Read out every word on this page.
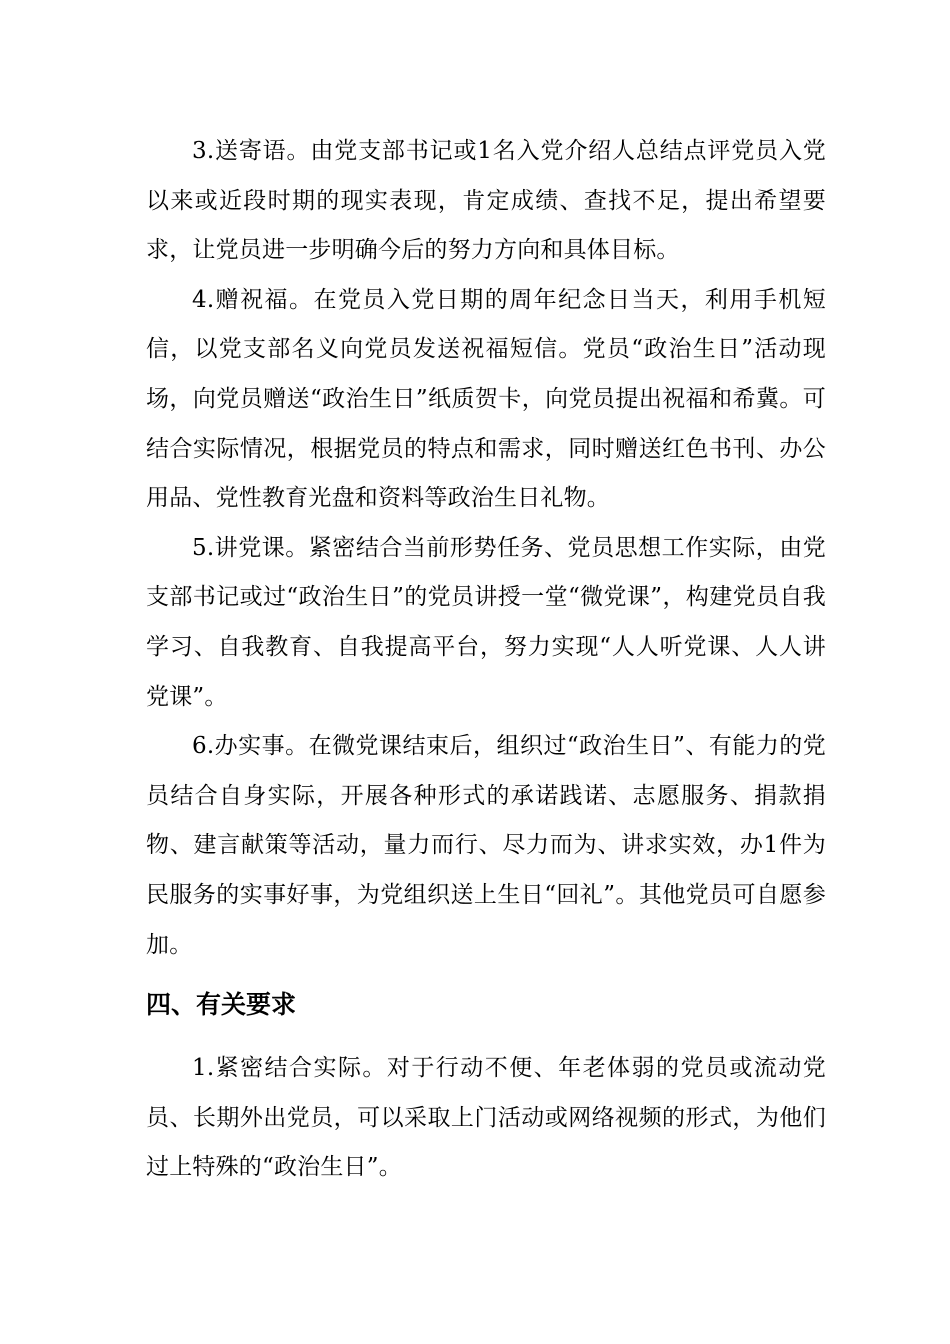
3.送寄语。由党支部书记或1名入党介绍人总结点评党员入党以来或近段时期的现实表现，肯定成绩、查找不足，提出希望要求，让党员进一步明确今后的努力方向和具体目标。

4.赠祝福。在党员入党日期的周年纪念日当天，利用手机短信，以党支部名义向党员发送祝福短信。党员“政治生日”活动现场，向党员赠送“政治生日”纸质贺卡，向党员提出祝福和希冀。可结合实际情况，根据党员的特点和需求，同时赠送红色书刊、办公用品、党性教育光盘和资料等政治生日礼物。

5.讲党课。紧密结合当前形势任务、党员思想工作实际，由党支部书记或过“政治生日”的党员讲授一堂“微党课”，构建党员自我学习、自我教育、自我提高平台，努力实现“人人听党课、人人讲党课”。

6.办实事。在微党课结束后，组织过“政治生日”、有能力的党员结合自身实际，开展各种形式的承诺践诺、志愿服务、捐款捐物、建言献策等活动，量力而行、尽力而为、讲求实效，办1件为民服务的实事好事，为党组织送上生日“回礼”。其他党员可自愿参加。

四、有关要求

1.紧密结合实际。对于行动不便、年老体弱的党员或流动党员、长期外出党员，可以采取上门活动或网络视频的形式，为他们过上特殊的“政治生日”。
